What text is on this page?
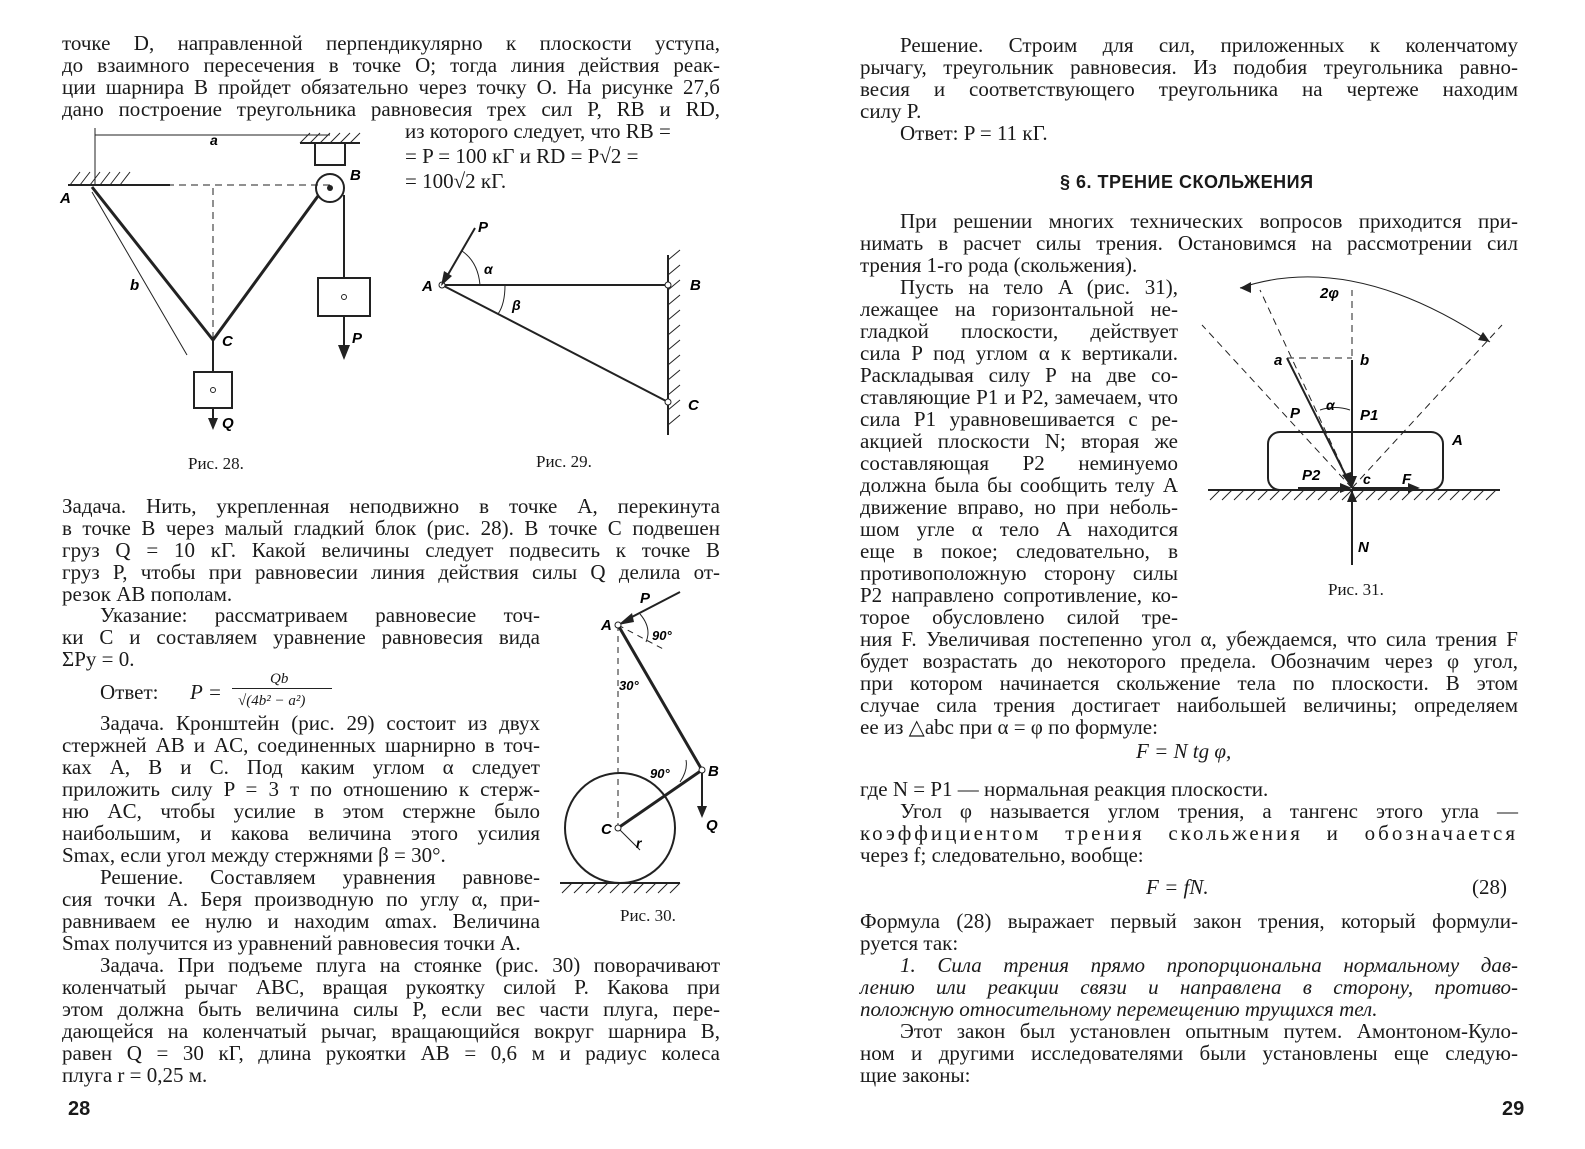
точке D, направленной перпендикулярно к плоскости уступа,
до взаимного пересечения в точке O; тогда линия действия реак-
ции шарнира B пройдет обязательно через точку O. На рисунке 27,б
дано построение треугольника равновесия трех сил P, RB и RD,
из которого следует, что RB =
= P = 100 кГ и RD = P√2 =
= 100√2 кГ.
a
A
B
b
C	P
Q
P
α
A
β
B
C
Рис. 28.	Рис. 29.
Задача. Нить, укрепленная неподвижно в точке A, перекинута
в точке B через малый гладкий блок (рис. 28). В точке C подвешен
груз Q = 10 кГ. Какой величины следует подвесить к точке B
груз P, чтобы при равновесии линия действия силы Q делила от-
резок AB пополам.
Указание: рассматриваем равновесие точ-
ки C и составляем уравнение равновесия вида
ΣPy = 0.
Ответ: P =
Qb
√(4b² − a²)
Задача. Кронштейн (рис. 29) состоит из двух
стержней AB и AC, соединенных шарнирно в точ-
ках A, B и C. Под каким углом α следует
приложить силу P = 3 т по отношению к стерж-
ню AC, чтобы усилие в этом стержне было
наибольшим, и какова величина этого усилия
Smax, если угол между стержнями β = 30°.
Решение. Составляем уравнения равнове-
сия точки A. Беря производную по углу α, при-
равниваем ее нулю и находим αmax. Величина
Smax получится из уравнений равновесия точки A.
P
A
90°
30°
90°	B
C
r
Q
Рис. 30.
Задача. При подъеме плуга на стоянке (рис. 30) поворачивают
коленчатый рычаг ABC, вращая рукоятку силой P. Какова при
этом должна быть величина силы P, если вес части плуга, пере-
дающейся на коленчатый рычаг, вращающийся вокруг шарнира B,
равен Q = 30 кГ, длина рукоятки AB = 0,6 м и радиус колеса
плуга r = 0,25 м.
28
Решение. Строим для сил, приложенных к коленчатому
рычагу, треугольник равновесия. Из подобия треугольника равно-
весия и соответствующего треугольника на чертеже находим
силу P.
Ответ: P = 11 кГ.
§ 6. ТРЕНИЕ СКОЛЬЖЕНИЯ
При решении многих технических вопросов приходится при-
нимать в расчет силы трения. Остановимся на рассмотрении сил
трения 1-го рода (скольжения).
Пусть на тело A (рис. 31),
лежащее на горизонтальной не-
гладкой плоскости, действует
сила P под углом α к вертикали.
Раскладывая силу P на две со-
ставляющие P1 и P2, замечаем, что
сила P1 уравновешивается с ре-
акцией плоскости N; вторая же
составляющая P2 неминуемо
должна была бы сообщить телу A
движение вправо, но при неболь-
шом угле α тело A находится
еще в покое; следовательно, в
противоположную сторону силы
P2 направлено сопротивление, ко-
торое обусловлено силой тре-
2φ
a	b
α
P	P1
A
P2	c F
N
Рис. 31.
ния F. Увеличивая постепенно угол α, убеждаемся, что сила трения F
будет возрастать до некоторого предела. Обозначим через φ угол,
при котором начинается скольжение тела по плоскости. В этом
случае сила трения достигает наибольшей величины; определяем
ее из △abc при α = φ по формуле:
F = N tg φ,
где N = P1 — нормальная реакция плоскости.
Угол φ называется углом трения, а тангенс этого угла —
коэффициентом трения скольжения и обозначается
через f; следовательно, вообще:
F = fN.	(28)
Формула (28) выражает первый закон трения, который формули-
руется так:
1. Сила трения прямо пропорциональна нормальному дав-
лению или реакции связи и направлена в сторону, противо-
положную относительному перемещению трущихся тел.
Этот закон был установлен опытным путем. Амонтоном-Куло-
ном и другими исследователями были установлены еще следую-
щие законы:
29
